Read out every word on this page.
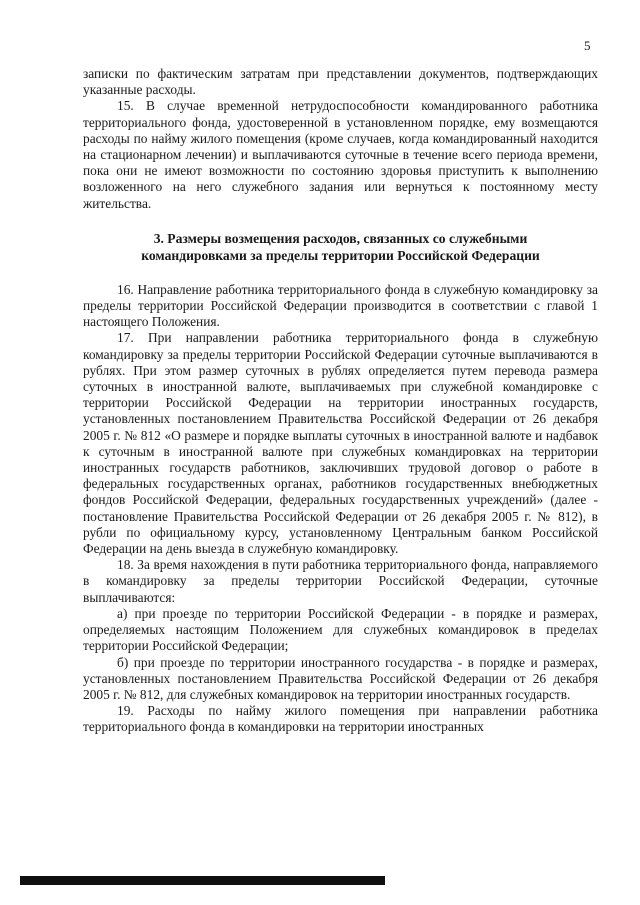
5

записки по фактическим затратам при представлении документов, подтверждающих указанные расходы.

15. В случае временной нетрудоспособности командированного работника территориального фонда, удостоверенной в установленном порядке, ему возмещаются расходы по найму жилого помещения (кроме случаев, когда командированный находится на стационарном лечении) и выплачиваются суточные в течение всего периода времени, пока они не имеют возможности по состоянию здоровья приступить к выполнению возложенного на него служебного задания или вернуться к постоянному месту жительства.

3. Размеры возмещения расходов, связанных со служебными
командировками за пределы территории Российской Федерации

16. Направление работника территориального фонда в служебную командировку за пределы территории Российской Федерации производится в соответствии с главой 1 настоящего Положения.

17. При направлении работника территориального фонда в служебную командировку за пределы территории Российской Федерации суточные выплачиваются в рублях. При этом размер суточных в рублях определяется путем перевода размера суточных в иностранной валюте, выплачиваемых при служебной командировке с территории Российской Федерации на территории иностранных государств, установленных постановлением Правительства Российской Федерации от 26 декабря 2005 г. № 812 «О размере и порядке выплаты суточных в иностранной валюте и надбавок к суточным в иностранной валюте при служебных командировках на территории иностранных государств работников, заключивших трудовой договор о работе в федеральных государственных органах, работников государственных внебюджетных фондов Российской Федерации, федеральных государственных учреждений» (далее - постановление Правительства Российской Федерации от 26 декабря 2005 г. № 812), в рубли по официальному курсу, установленному Центральным банком Российской Федерации на день выезда в служебную командировку.

18. За время нахождения в пути работника территориального фонда, направляемого в командировку за пределы территории Российской Федерации, суточные выплачиваются:

а) при проезде по территории Российской Федерации - в порядке и размерах, определяемых настоящим Положением для служебных командировок в пределах территории Российской Федерации;

б) при проезде по территории иностранного государства - в порядке и размерах, установленных постановлением Правительства Российской Федерации от 26 декабря 2005 г. № 812, для служебных командировок на территории иностранных государств.

19. Расходы по найму жилого помещения при направлении работника территориального фонда в командировки на территории иностранных
